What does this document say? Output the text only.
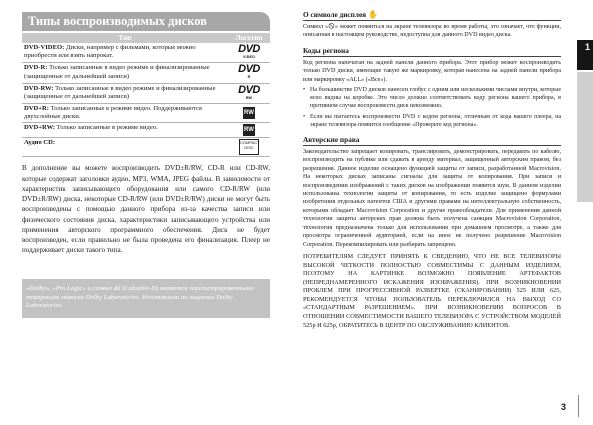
Типы воспроизводимых дисков
Тип	Логотип
DVD-VIDEO: Диски, например с фильмами, которые можно приобрести или взять напрокат.	DVD
VIDEO

DVD-R: Только записанные в видео режиме и финализированные (защищенные от дальнейшей записи)	DVD
R

DVD-RW: Только записанные в видео режиме и финализированные (защищенные от дальнейшей записи)	DVD
RW

DVD+R: Только записанные в режиме видео. Поддерживаются двухслойные диски.	RW
DVD+RW: Только записанные в режиме видео.	RW
Аудио CD:	COMPACT DISC
В дополнение вы можете воспроизводить DVD±R/RW, CD-R или CD-RW, которые содержат заголовки аудио, MP3, WMA, JPEG файлы. В зависимости от характеристик записывающего оборудования или самого CD-R/RW (или DVD±R/RW) диска, некоторые CD-R/RW (или DVD±R/RW) диски не могут быть воспроизведены с помощью данного прибора из-за качества записи или физического состояния диска, характеристики записывающего устройства или применения авторского программного обеспечения. Диск не будет воспроизведен, если правильно не была проведена его финализация. Плеер не поддерживает диски такого типа.
«Dolby», «Pro Logic» и символ dd D (double-D) являются зарегистрированными товарными знаками Dolby Laboratories. Изготовлено по лицензии Dolby Laboratories.
О символе дисплея ✋
Символ «🛇» может появиться на экране телевизора во время работы, это означает, что функции, описанная в настоящем руководстве, недоступна для данного DVD видео диска.
Коды региона
Код региона напечатан на задней панели данного прибора. Этот прибор может воспроизводить только DVD диски, имеющие такую же маркировку, которая нанесена на задней панели прибора или маркировку «ALL» («Все»).
• На большинстве DVD дисков нанесен глобус с одним или несколькими числами внутри, которые ясно видны на коробке. Это число должно соответствовать коду региона вашего прибора, в противном случае воспроизвести диск невозможно.
• Если вы пытаетесь воспроизвести DVD с кодом региона, отличным от кода вашего плеера, на экране телевизора появится сообщение «Проверьте код региона».
Авторские права
Законодательство запрещает копировать, транслировать, демонстрировать, передавать по кабелю, воспроизводить на публике или сдавать в аренду материал, защищенный авторским правом, без разрешения. Данное изделие оснащено функцией защиты от записи, разработанной Macrovision. На некоторых дисках записаны сигналы для защиты от копирования. При записи и воспроизведении изображений с таких дисков на изображении появятся шум. В данном изделии использованы технологии защиты от копирования, то есть изделие защищено формулами изобретения отдельных патентов США и другими правами на интеллектуальную собственность, которыми обладает Macrovision Corporation и другие правообладатели. Для применения данной технологии защиты авторских прав должна быть получена санкция Macrovision Corporation, технология предназначена только для использования при домашнем просмотре, а также для просмотра ограниченной аудиторией, если на иное не получено разрешение Macrovision Corporation. Перекомпилировать или разбирать запрещено.
ПОТРЕБИТЕЛЯМ СЛЕДУЕТ ПРИНЯТЬ К СВЕДЕНИЮ, ЧТО НЕ ВСЕ ТЕЛЕВИЗОРЫ ВЫСОКОЙ ЧЕТКОСТИ ПОЛНОСТЬЮ СОВМЕСТИМЫ С ДАННЫМ ИЗДЕЛИЕМ, ПОЭТОМУ НА КАРТИНКЕ ВОЗМОЖНО ПОЯВЛЕНИЕ АРТЕФАКТОВ (НЕПРЕДНАМЕРЕННОГО ИСКАЖЕНИЯ ИЗОБРАЖЕНИЯ). ПРИ ВОЗНИКНОВЕНИИ ПРОБЛЕМ ПРИ ПРОГРЕССИВНОЙ РАЗВЕРТКЕ (СКАНИРОВАНИИ) 525 ИЛИ 625, РЕКОМЕНДУЕТСЯ ЧТОБЫ ПОЛЬЗОВАТЕЛЬ ПЕРЕКЛЮЧИЛСЯ НА ВЫХОД СО «СТАНДАРТНЫМ РАЗРЕШЕНИЕМ». ПРИ ВОЗНИКНОВЕНИИ ВОПРОСОВ В ОТНОШЕНИИ СОВМЕСТИМОСТИ ВАШЕГО ТЕЛЕВИЗОРА С УСТРОЙСТВОМ МОДЕЛЕЙ 525р И 625р, ОБРАТИТЕСЬ В ЦЕНТР ПО ОБСЛУЖИВАНИЮ КЛИЕНТОВ.
1
3
